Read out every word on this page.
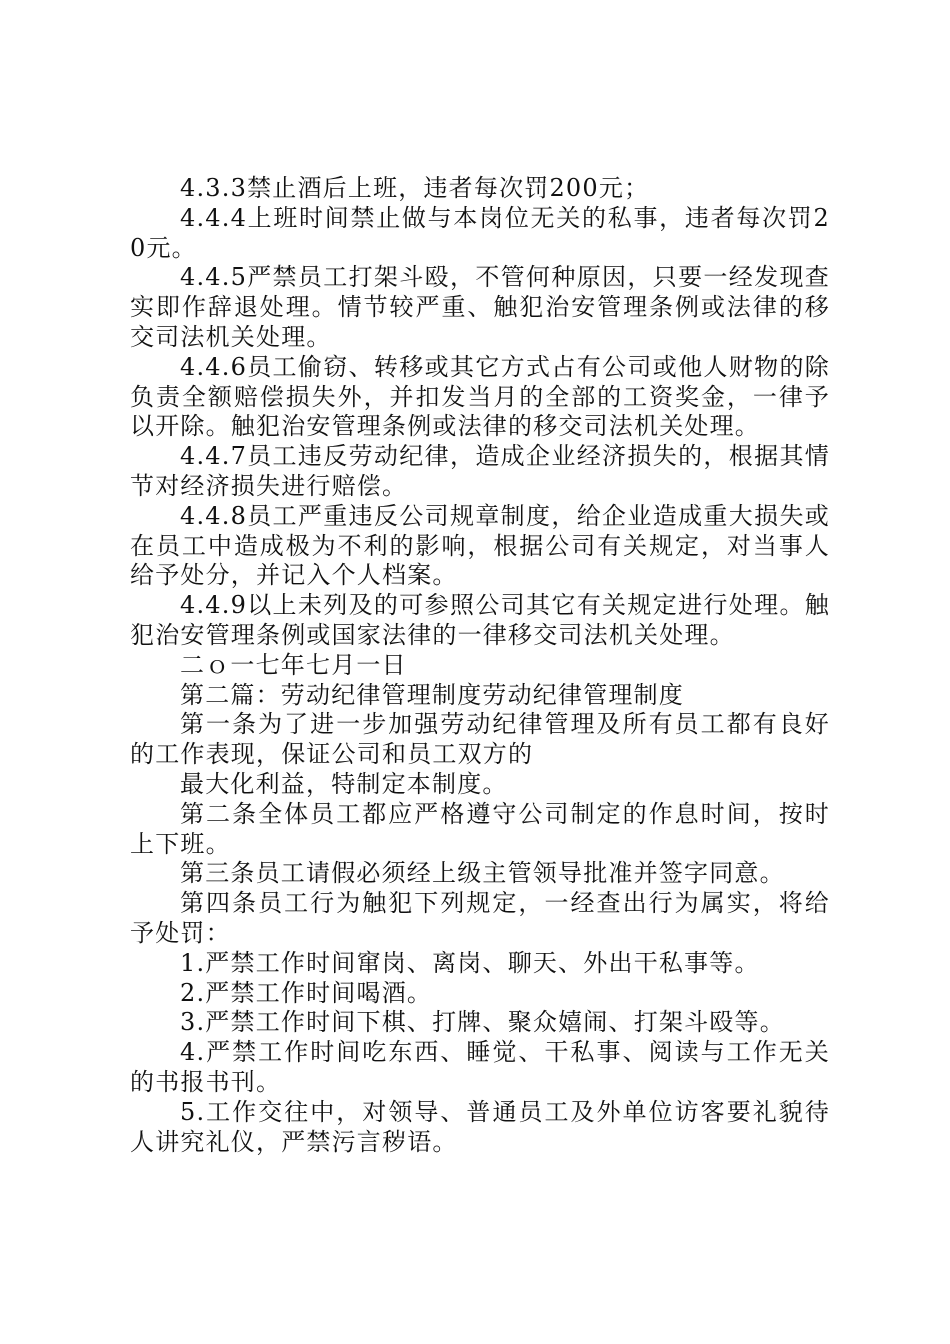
4.3.3禁止酒后上班，违者每次罚200元；

4.4.4上班时间禁止做与本岗位无关的私事，违者每次罚20元。

4.4.5严禁员工打架斗殴，不管何种原因，只要一经发现查实即作辞退处理。情节较严重、触犯治安管理条例或法律的移交司法机关处理。

4.4.6员工偷窃、转移或其它方式占有公司或他人财物的除负责全额赔偿损失外，并扣发当月的全部的工资奖金，一律予以开除。触犯治安管理条例或法律的移交司法机关处理。

4.4.7员工违反劳动纪律，造成企业经济损失的，根据其情节对经济损失进行赔偿。

4.4.8员工严重违反公司规章制度，给企业造成重大损失或在员工中造成极为不利的影响，根据公司有关规定，对当事人给予处分，并记入个人档案。

4.4.9以上未列及的可参照公司其它有关规定进行处理。触犯治安管理条例或国家法律的一律移交司法机关处理。

二ｏ一七年七月一日

第二篇：劳动纪律管理制度劳动纪律管理制度

第一条为了进一步加强劳动纪律管理及所有员工都有良好的工作表现，保证公司和员工双方的

最大化利益，特制定本制度。

第二条全体员工都应严格遵守公司制定的作息时间，按时上下班。

第三条员工请假必须经上级主管领导批准并签字同意。

第四条员工行为触犯下列规定，一经查出行为属实，将给予处罚：

1.严禁工作时间窜岗、离岗、聊天、外出干私事等。

2.严禁工作时间喝酒。

3.严禁工作时间下棋、打牌、聚众嬉闹、打架斗殴等。

4.严禁工作时间吃东西、睡觉、干私事、阅读与工作无关的书报书刊。

5.工作交往中，对领导、普通员工及外单位访客要礼貌待人讲究礼仪，严禁污言秽语。
